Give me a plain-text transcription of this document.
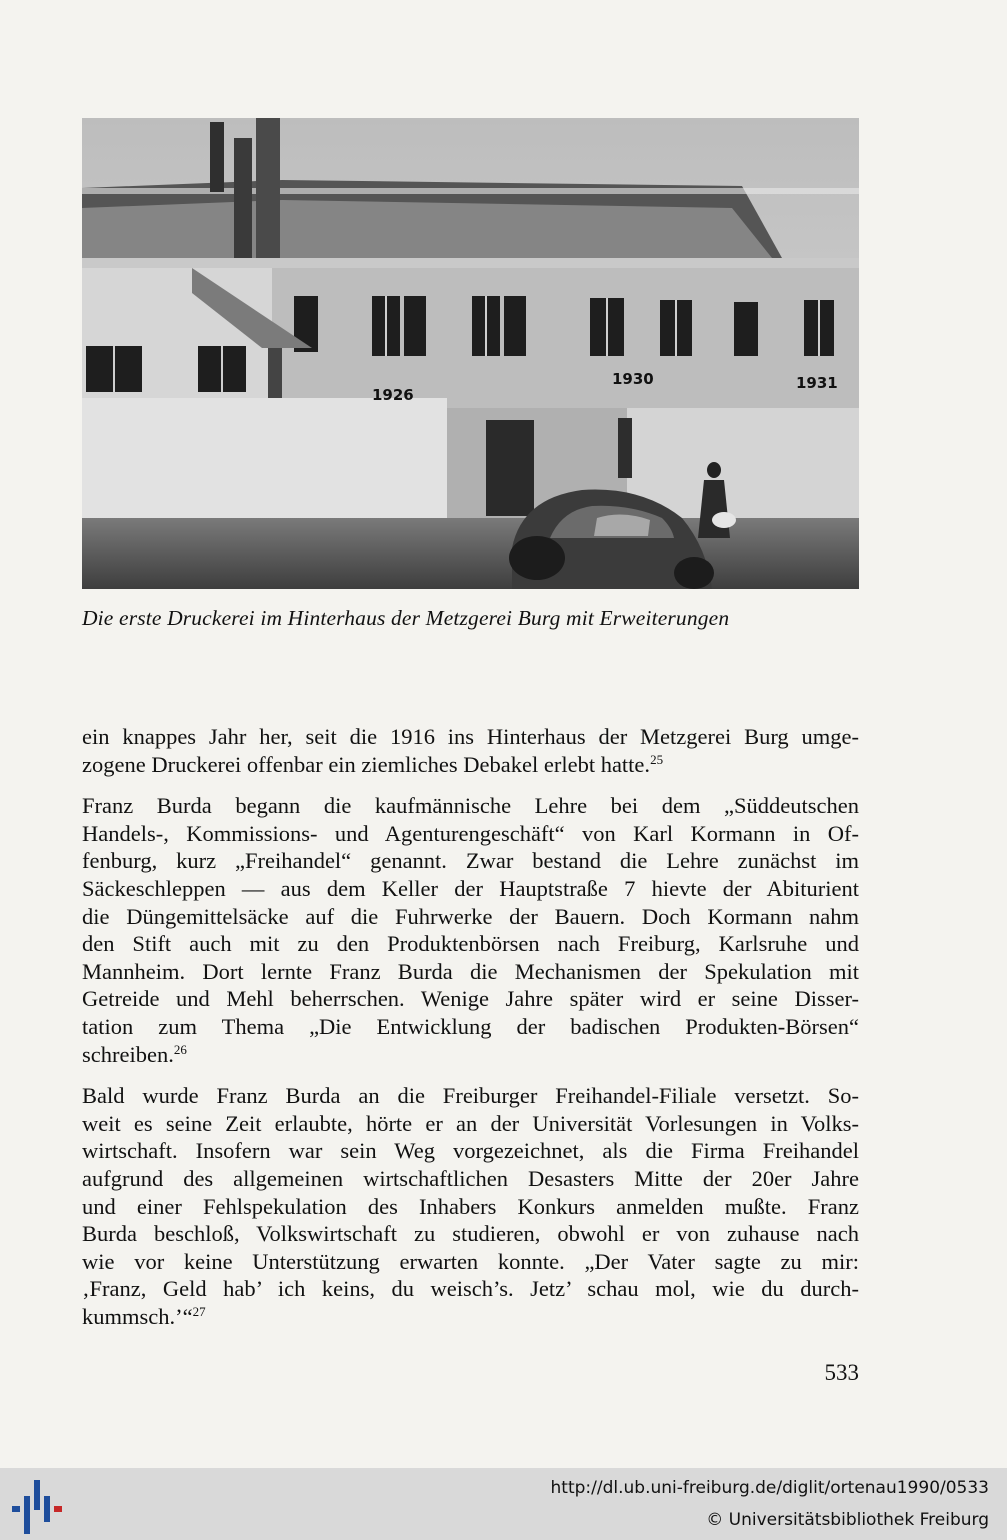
1926
1930	1931
Die erste Druckerei im Hinterhaus der Metzgerei Burg mit Erweiterungen

ein knappes Jahr her, seit die 1916 ins Hinterhaus der Metzgerei Burg umge-
zogene Druckerei offenbar ein ziemliches Debakel erlebt hatte.$^{25}$

Franz Burda begann die kaufmännische Lehre bei dem „Süddeutschen
Handels-, Kommissions- und Agenturengeschäft“ von Karl Kormann in Of-
fenburg, kurz „Freihandel“ genannt. Zwar bestand die Lehre zunächst im
Säckeschleppen — aus dem Keller der Hauptstraße 7 hievte der Abiturient
die Düngemittelsäcke auf die Fuhrwerke der Bauern. Doch Kormann nahm
den Stift auch mit zu den Produktenbörsen nach Freiburg, Karlsruhe und
Mannheim. Dort lernte Franz Burda die Mechanismen der Spekulation mit
Getreide und Mehl beherrschen. Wenige Jahre später wird er seine Disser-
tation zum Thema „Die Entwicklung der badischen Produkten-Börsen“
schreiben.$^{26}$

Bald wurde Franz Burda an die Freiburger Freihandel-Filiale versetzt. So-
weit es seine Zeit erlaubte, hörte er an der Universität Vorlesungen in Volks-
wirtschaft. Insofern war sein Weg vorgezeichnet, als die Firma Freihandel
aufgrund des allgemeinen wirtschaftlichen Desasters Mitte der 20er Jahre
und einer Fehlspekulation des Inhabers Konkurs anmelden mußte. Franz
Burda beschloß, Volkswirtschaft zu studieren, obwohl er von zuhause nach
wie vor keine Unterstützung erwarten konnte. „Der Vater sagte zu mir:
‚Franz, Geld hab’ ich keins, du weisch’s. Jetz’ schau mol, wie du durch-
kummsch.’“$^{27}$

533
http://dl.ub.uni-freiburg.de/diglit/ortenau1990/0533
© Universitätsbibliothek Freiburg
